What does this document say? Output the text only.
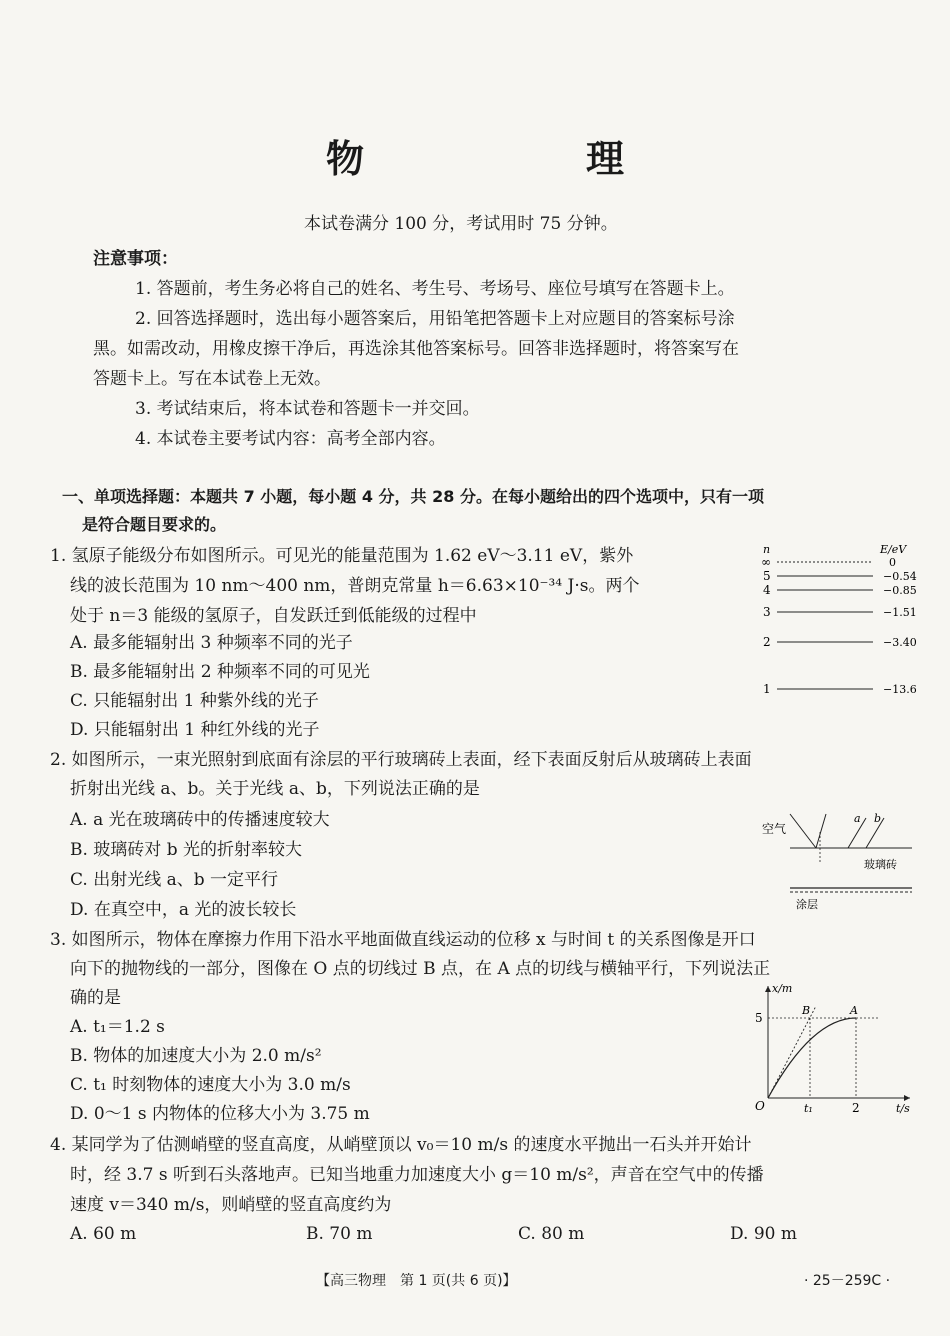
物　理
本试卷满分 100 分，考试用时 75 分钟。
注意事项：
1. 答题前，考生务必将自己的姓名、考生号、考场号、座位号填写在答题卡上。
2. 回答选择题时，选出每小题答案后，用铅笔把答题卡上对应题目的答案标号涂
黑。如需改动，用橡皮擦干净后，再选涂其他答案标号。回答非选择题时，将答案写在
答题卡上。写在本试卷上无效。
3. 考试结束后，将本试卷和答题卡一并交回。
4. 本试卷主要考试内容：高考全部内容。
一、单项选择题：本题共 7 小题，每小题 4 分，共 28 分。在每小题给出的四个选项中，只有一项
是符合题目要求的。
1. 氢原子能级分布如图所示。可见光的能量范围为 1.62 eV～3.11 eV，紫外
线的波长范围为 10 nm～400 nm，普朗克常量 h＝6.63×10⁻³⁴ J·s。两个
处于 n＝3 能级的氢原子，自发跃迁到低能级的过程中
A. 最多能辐射出 3 种频率不同的光子
B. 最多能辐射出 2 种频率不同的可见光
C. 只能辐射出 1 种紫外线的光子
D. 只能辐射出 1 种红外线的光子
n	E/eV
∞	0
5	−0.54
4	−0.85
3	−1.51
2	−3.40
1	−13.6
2. 如图所示，一束光照射到底面有涂层的平行玻璃砖上表面，经下表面反射后从玻璃砖上表面
折射出光线 a、b。关于光线 a、b，下列说法正确的是
A. a 光在玻璃砖中的传播速度较大
B. 玻璃砖对 b 光的折射率较大
C. 出射光线 a、b 一定平行
D. 在真空中，a 光的波长较长
空气
a b
玻璃砖
涂层
3. 如图所示，物体在摩擦力作用下沿水平地面做直线运动的位移 x 与时间 t 的关系图像是开口
向下的抛物线的一部分，图像在 O 点的切线过 B 点，在 A 点的切线与横轴平行，下列说法正
确的是
A. t₁＝1.2 s
B. 物体的加速度大小为 2.0 m/s²
C. t₁ 时刻物体的速度大小为 3.0 m/s
D. 0～1 s 内物体的位移大小为 3.75 m
x/m
t/s
O
5
t₁	2
B	A
4. 某同学为了估测峭壁的竖直高度，从峭壁顶以 v₀＝10 m/s 的速度水平抛出一石头并开始计
时，经 3.7 s 听到石头落地声。已知当地重力加速度大小 g＝10 m/s²，声音在空气中的传播
速度 v＝340 m/s，则峭壁的竖直高度约为
A. 60 m	B. 70 m	C. 80 m	D. 90 m
【高三物理　第 1 页(共 6 页)】	· 25－259C ·
